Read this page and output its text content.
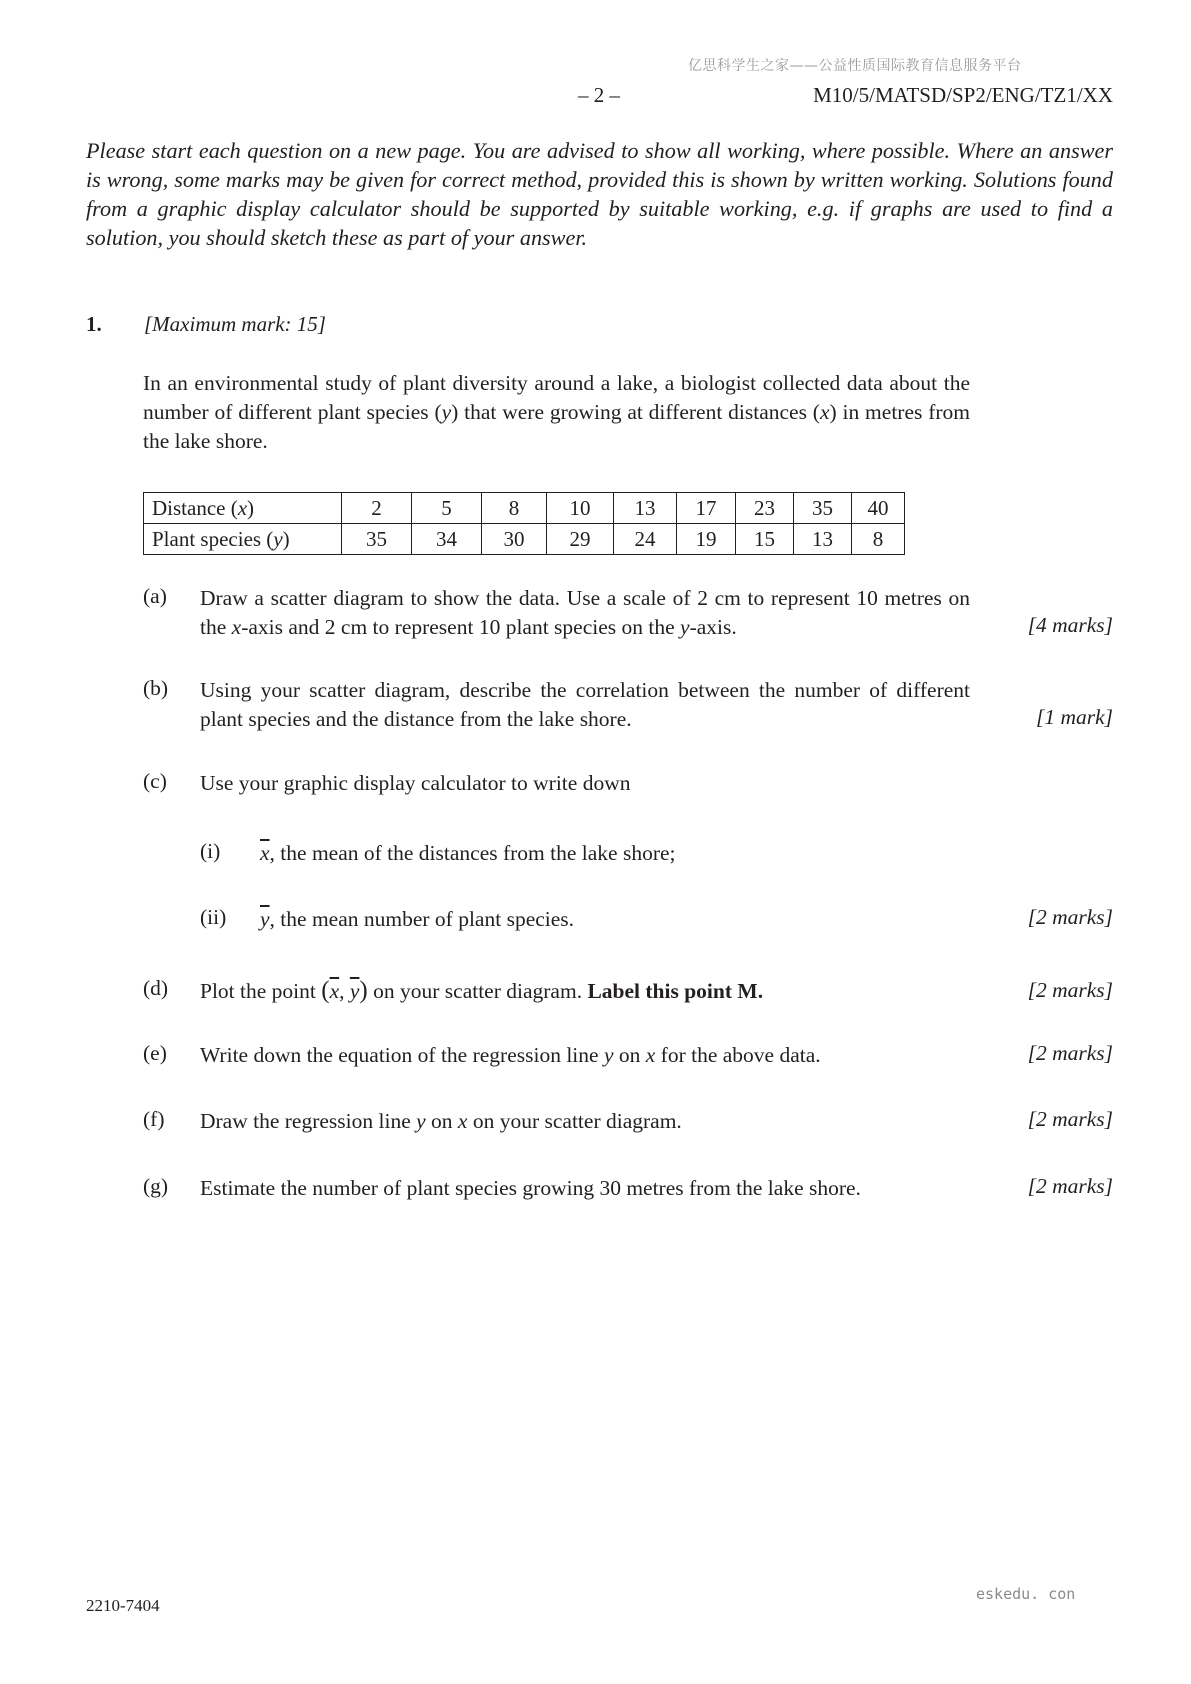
亿思科学生之家——公益性质国际教育信息服务平台
– 2 –	M10/5/MATSD/SP2/ENG/TZ1/XX
Please start each question on a new page. You are advised to show all working, where possible. Where an answer is wrong, some marks may be given for correct method, provided this is shown by written working. Solutions found from a graphic display calculator should be supported by suitable working, e.g. if graphs are used to find a solution, you should sketch these as part of your answer.
1. [Maximum mark: 15]
In an environmental study of plant diversity around a lake, a biologist collected data about the number of different plant species (y) that were growing at different distances (x) in metres from the lake shore.
Distance (x)	2	5	8	10	13	17	23	35	40
Plant species (y)	35	34	30	29	24	19	15	13	8
(a) Draw a scatter diagram to show the data. Use a scale of 2 cm to represent 10 metres on the x-axis and 2 cm to represent 10 plant species on the y-axis.	[4 marks]
(b) Using your scatter diagram, describe the correlation between the number of different plant species and the distance from the lake shore.	[1 mark]
(c) Use your graphic display calculator to write down
(i) $\overline{x}$, the mean of the distances from the lake shore;
(ii) $\overline{y}$, the mean number of plant species.	[2 marks]
(d) Plot the point ($\overline{x}$, $\overline{y}$) on your scatter diagram. Label this point M.	[2 marks]
(e) Write down the equation of the regression line y on x for the above data.	[2 marks]
(f) Draw the regression line y on x on your scatter diagram.	[2 marks]
(g) Estimate the number of plant species growing 30 metres from the lake shore.	[2 marks]
eskedu. con
2210-7404
